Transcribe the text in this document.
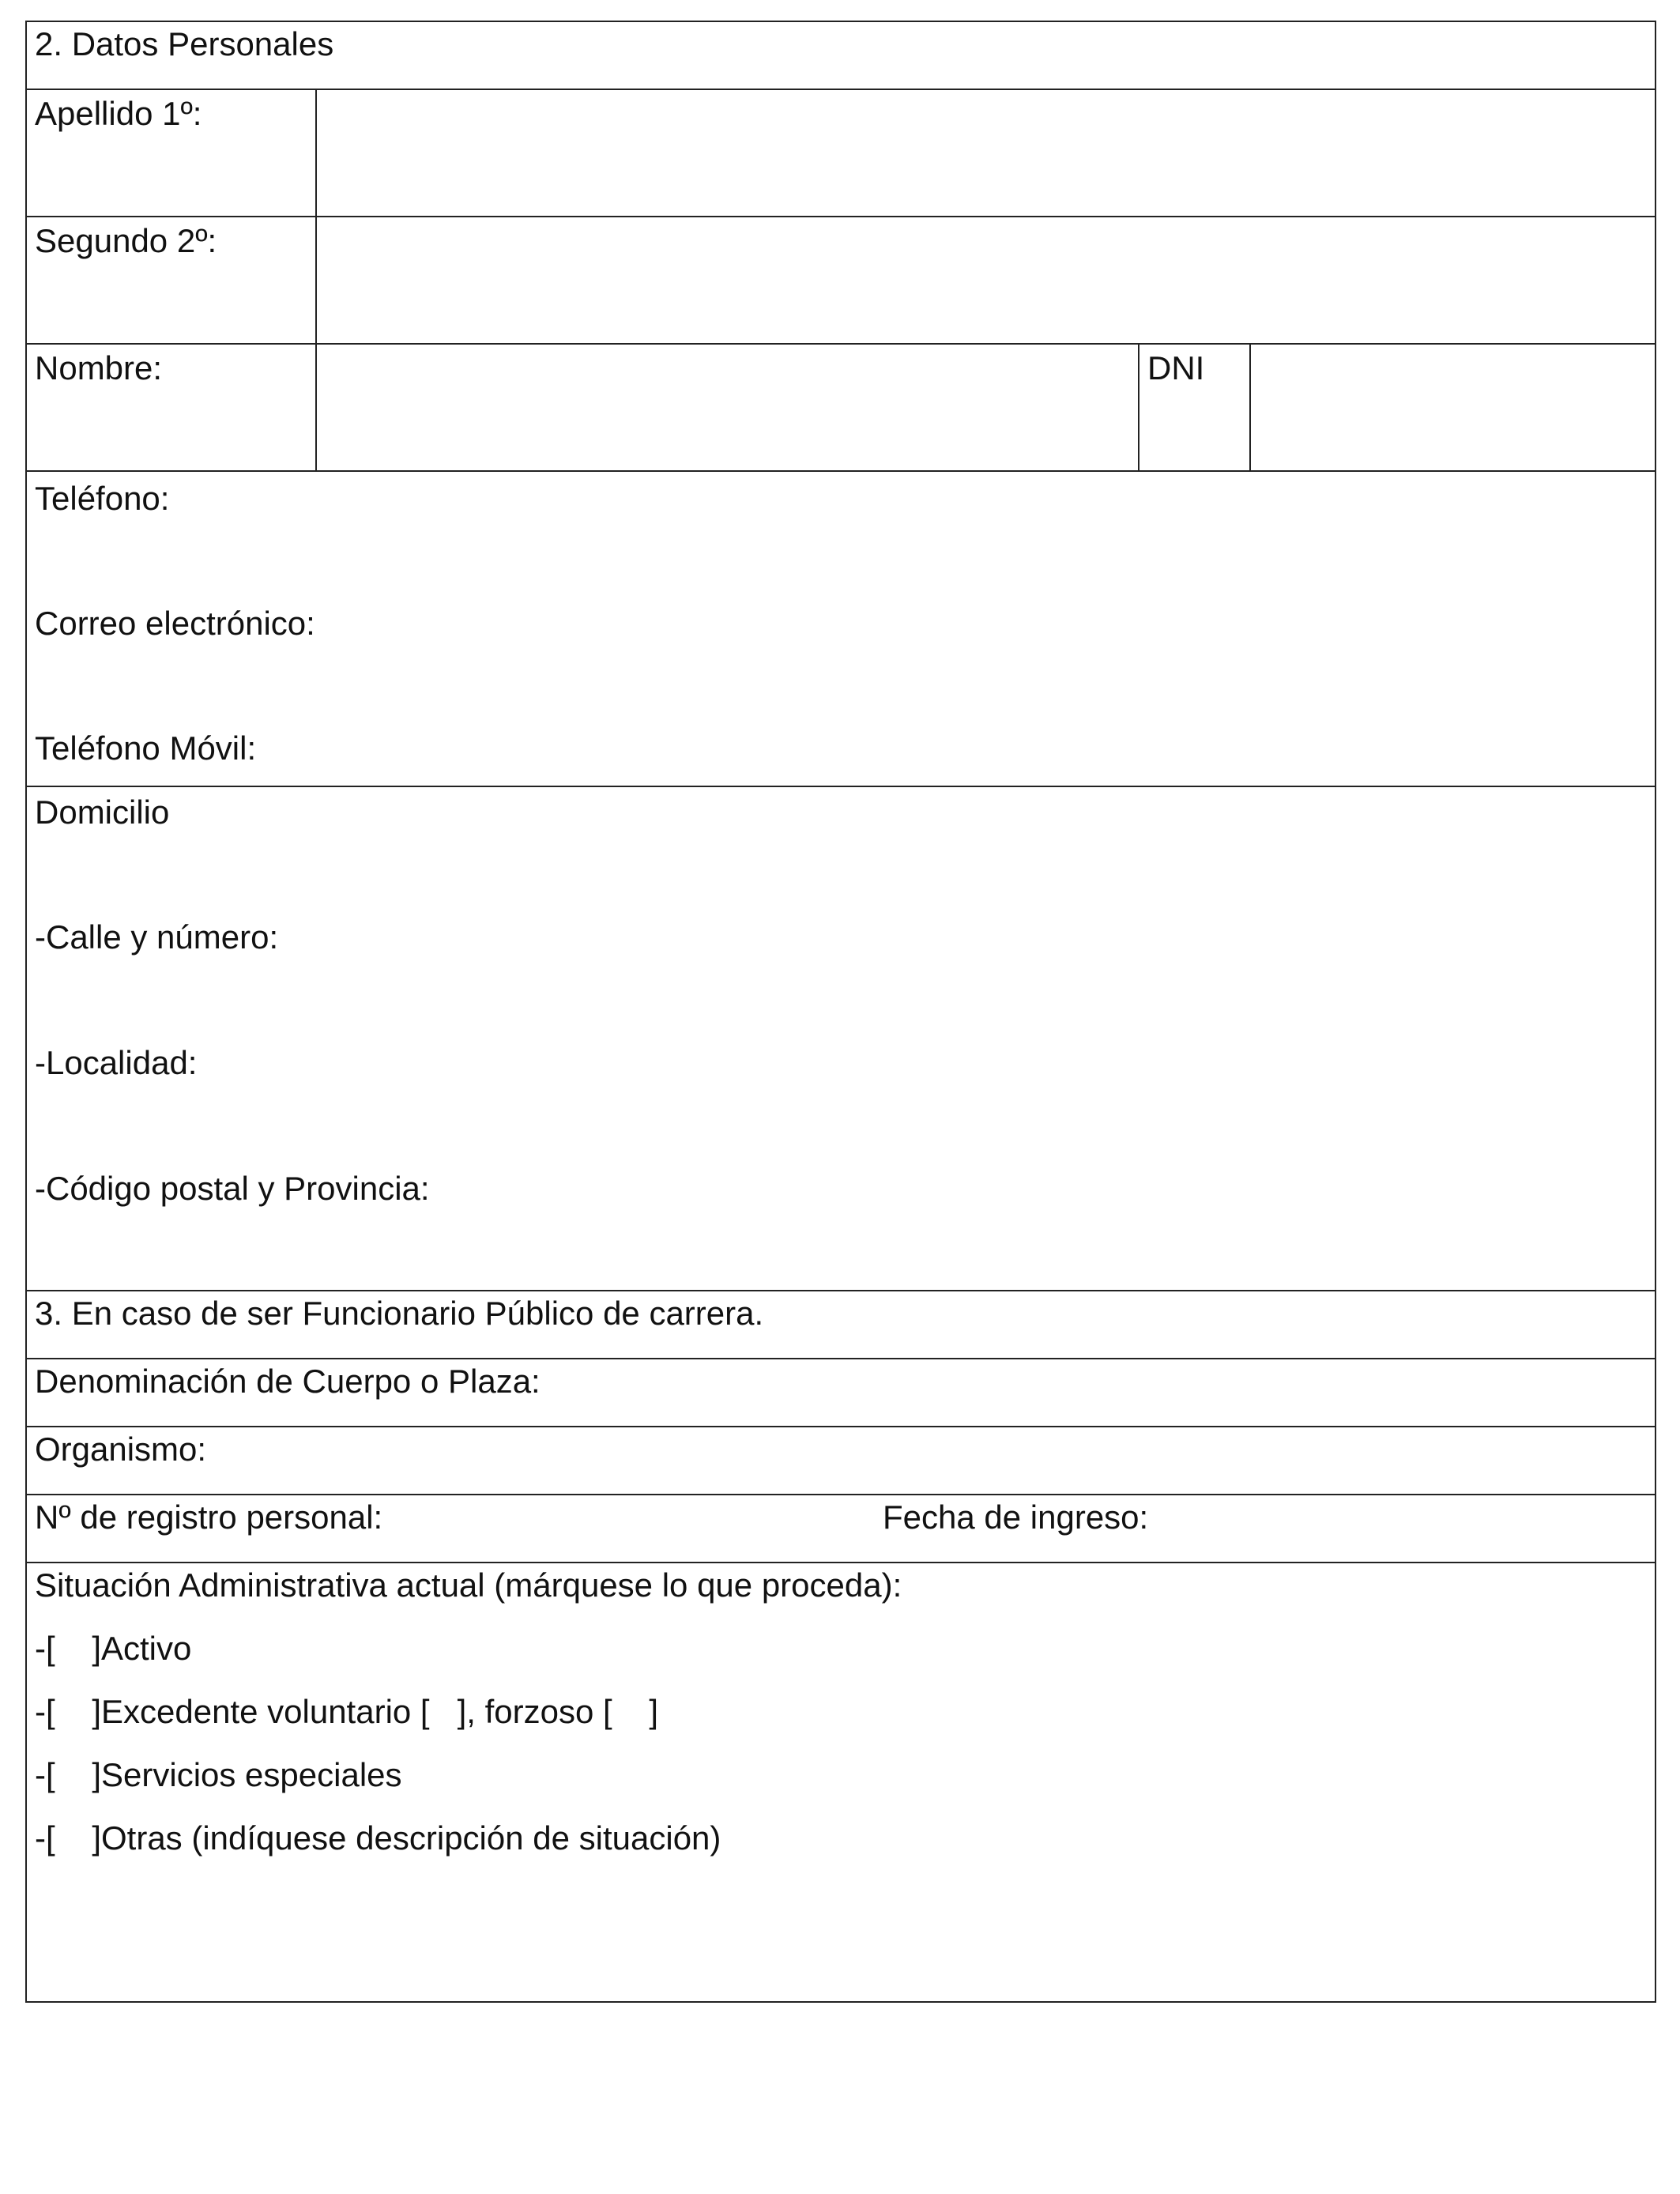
2. Datos Personales
Apellido 1º:
Segundo 2º:
Nombre:	DNI
Teléfono:
Correo electrónico:
Teléfono Móvil:
Domicilio
-Calle y número:
-Localidad:
-Código postal y Provincia:
3. En caso de ser Funcionario Público de carrera.
Denominación de Cuerpo o Plaza:
Organismo:
Nº de registro personal:	Fecha de ingreso:
Situación Administrativa actual (márquese lo que proceda):
-[    ]Activo
-[    ]Excedente voluntario [   ], forzoso [    ]
-[    ]Servicios especiales
-[    ]Otras (indíquese descripción de situación)
